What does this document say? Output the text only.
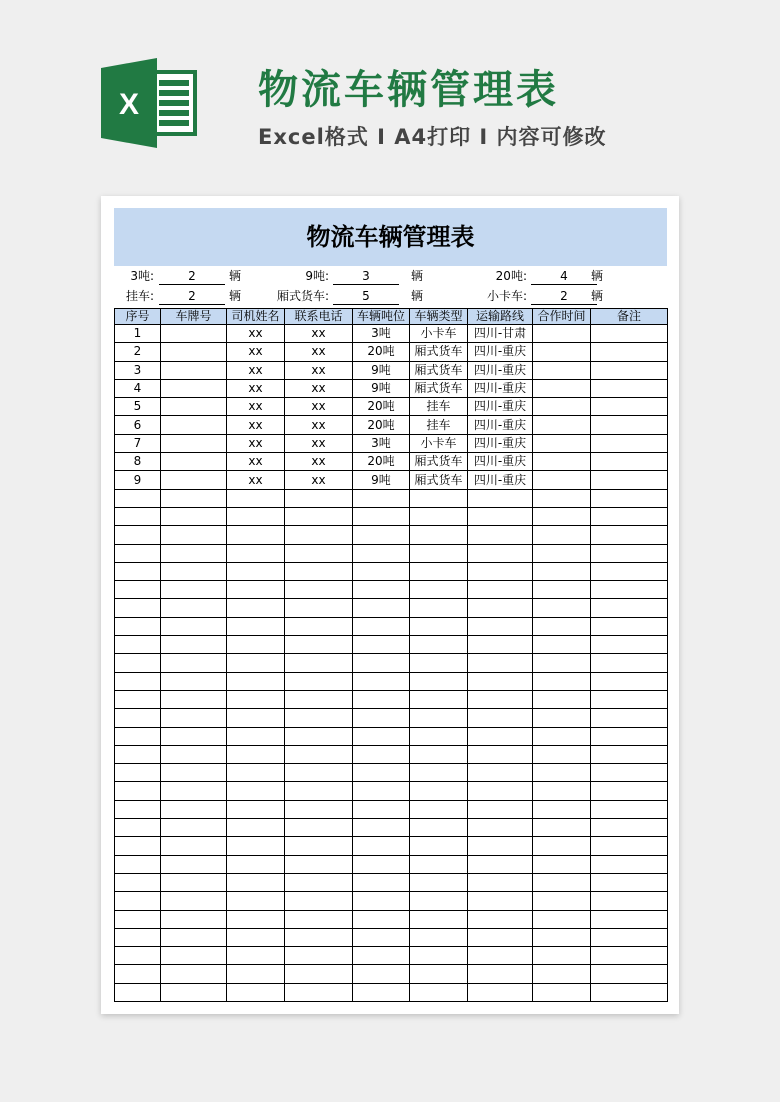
X	物流车辆管理表
Excel格式 I A4打印 I 内容可修改
物流车辆管理表
3吨:	2	辆	9吨:	3	辆	20吨:	4	辆
挂车:	2	辆	厢式货车:	5	辆	小卡车:	2	辆
序号	车牌号	司机姓名	联系电话	车辆吨位	车辆类型	运输路线	合作时间	备注
1		xx	xx	3吨	小卡车	四川-甘肃		
2		xx	xx	20吨	厢式货车	四川-重庆		
3		xx	xx	9吨	厢式货车	四川-重庆		
4		xx	xx	9吨	厢式货车	四川-重庆		
5		xx	xx	20吨	挂车	四川-重庆		
6		xx	xx	20吨	挂车	四川-重庆		
7		xx	xx	3吨	小卡车	四川-重庆		
8		xx	xx	20吨	厢式货车	四川-重庆		
9		xx	xx	9吨	厢式货车	四川-重庆		
